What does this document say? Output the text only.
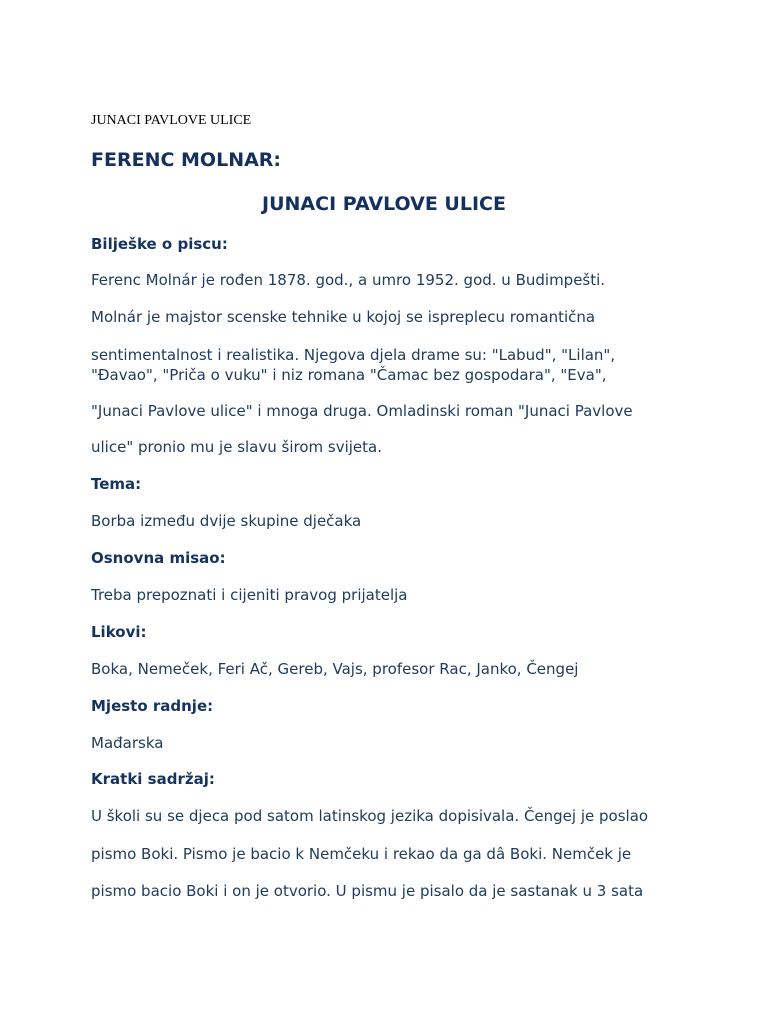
JUNACI PAVLOVE ULICE

FERENC MOLNAR:

JUNACI PAVLOVE ULICE

Bilješke o piscu:

Ferenc Molnár je rođen 1878. god., a umro 1952. god. u Budimpešti.

Molnár je majstor scenske tehnike u kojoj se ispreplecu romantična

sentimentalnost i realistika. Njegova djela drame su: "Labud", "Lilan",

"Đavao", "Priča o vuku" i niz romana "Čamac bez gospodara", "Eva",

"Junaci Pavlove ulice" i mnoga druga. Omladinski roman "Junaci Pavlove

ulice" pronio mu je slavu širom svijeta.

Tema:

Borba između dvije skupine dječaka

Osnovna misao:

Treba prepoznati i cijeniti pravog prijatelja

Likovi:

Boka, Nemeček, Feri Ač, Gereb, Vajs, profesor Rac, Janko, Čengej

Mjesto radnje:

Mađarska

Kratki sadržaj:

U školi su se djeca pod satom latinskog jezika dopisivala. Čengej je poslao

pismo Boki. Pismo je bacio k Nemčeku i rekao da ga dâ Boki. Nemček je

pismo bacio Boki i on je otvorio. U pismu je pisalo da je sastanak u 3 sata
